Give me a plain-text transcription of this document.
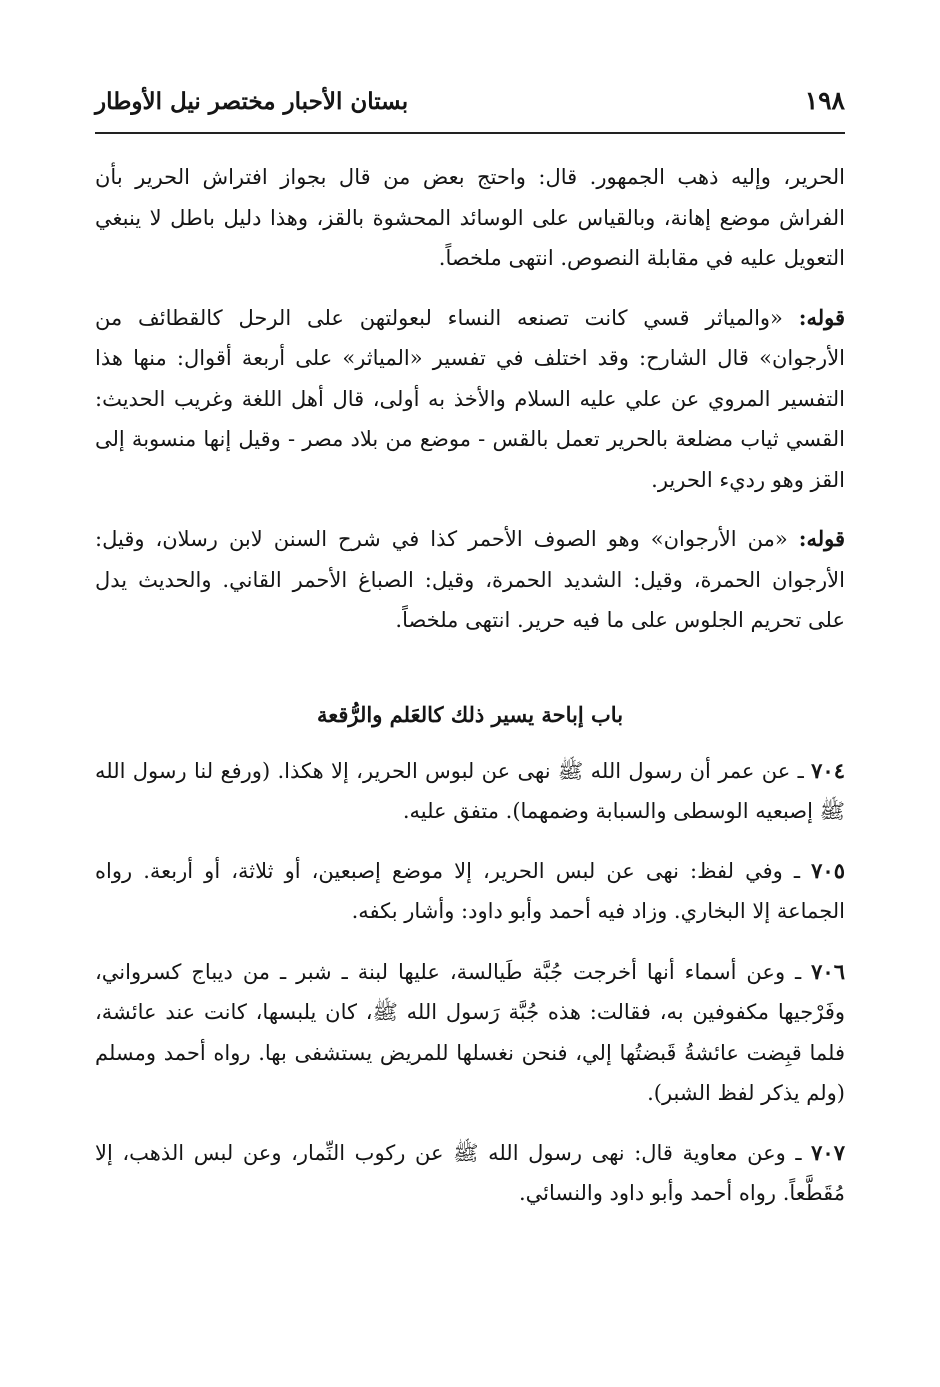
١٩٨
بستان الأحبار مختصر نيل الأوطار

الحرير، وإليه ذهب الجمهور. قال: واحتج بعض من قال بجواز افتراش الحرير بأن الفراش موضع إهانة، وبالقياس على الوسائد المحشوة بالقز، وهذا دليل باطل لا ينبغي التعويل عليه في مقابلة النصوص. انتهى ملخصاً.

قوله: «والمياثر قسي كانت تصنعه النساء لبعولتهن على الرحل كالقطائف من الأرجوان» قال الشارح: وقد اختلف في تفسير «المياثر» على أربعة أقوال: منها هذا التفسير المروي عن علي عليه السلام والأخذ به أولى، قال أهل اللغة وغريب الحديث: القسي ثياب مضلعة بالحرير تعمل بالقس - موضع من بلاد مصر - وقيل إنها منسوبة إلى القز وهو رديء الحرير.

قوله: «من الأرجوان» وهو الصوف الأحمر كذا في شرح السنن لابن رسلان، وقيل: الأرجوان الحمرة، وقيل: الشديد الحمرة، وقيل: الصباغ الأحمر القاني. والحديث يدل على تحريم الجلوس على ما فيه حرير. انتهى ملخصاً.

باب إباحة يسير ذلك كالعَلم والرُّقعة

٧٠٤ ـ عن عمر أن رسول الله ﷺ نهى عن لبوس الحرير، إلا هكذا. (ورفع لنا رسول الله ﷺ إصبعيه الوسطى والسبابة وضمهما). متفق عليه.

٧٠٥ ـ وفي لفظ: نهى عن لبس الحرير، إلا موضع إصبعين، أو ثلاثة، أو أربعة. رواه الجماعة إلا البخاري. وزاد فيه أحمد وأبو داود: وأشار بكفه.

٧٠٦ ـ وعن أسماء أنها أخرجت جُبَّة طَيالسة، عليها لبنة ـ شبر ـ من ديباج كسرواني، وفَرْجيها مكفوفين به، فقالت: هذه جُبَّة رَسول الله ﷺ، كان يلبسها، كانت عند عائشة، فلما قبِضت عائشةُ قَبضتُها إلي، فنحن نغسلها للمريض يستشفى بها. رواه أحمد ومسلم (ولم يذكر لفظ الشبر).

٧٠٧ ـ وعن معاوية قال: نهى رسول الله ﷺ عن ركوب النِّمار، وعن لبس الذهب، إلا مُقَطَّعاً. رواه أحمد وأبو داود والنسائي.
